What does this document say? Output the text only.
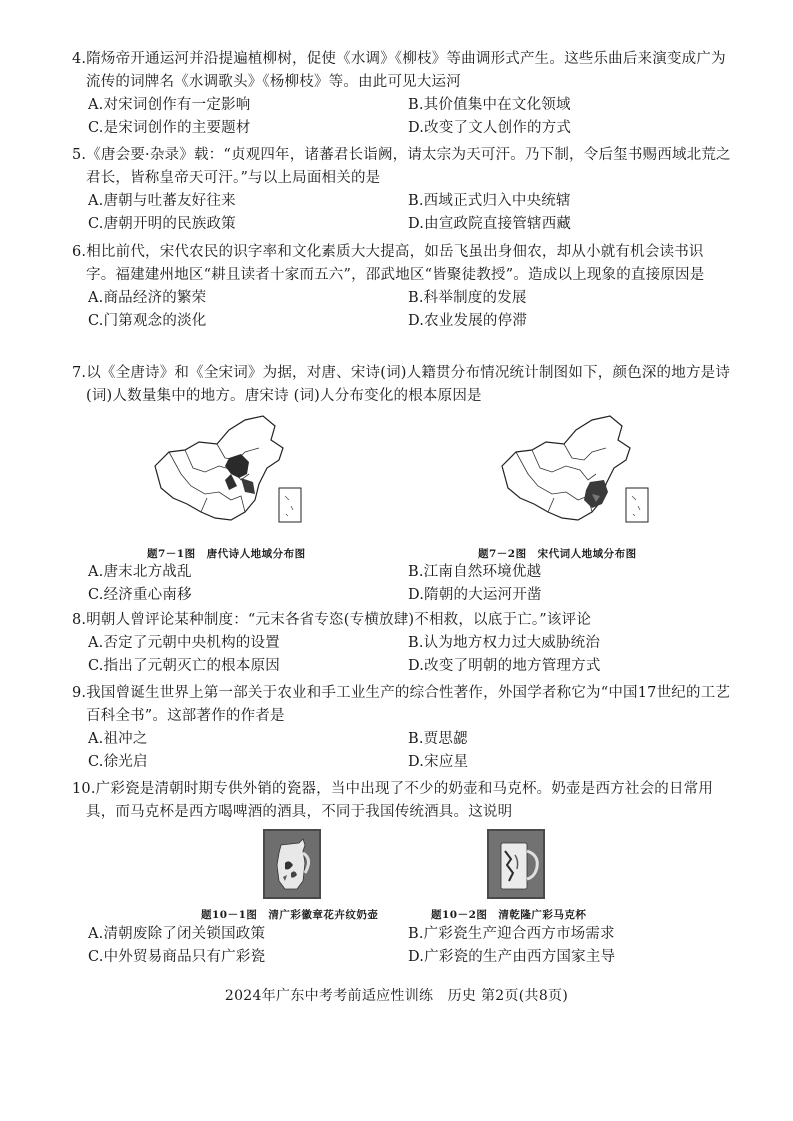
4.隋炀帝开通运河并沿提遍植柳树，促使《水调》《柳枝》等曲调形式产生。这些乐曲后来演变成广为流传的词牌名《水调歌头》《杨柳枝》等。由此可见大运河
A.对宋词创作有一定影响	B.其价值集中在文化领域
C.是宋词创作的主要题材	D.改变了文人创作的方式
5.《唐会要·杂录》载：“贞观四年，诸蕃君长诣阙，请太宗为天可汗。乃下制，令后玺书赐西域北荒之君长，皆称皇帝天可汗。”与以上局面相关的是
A.唐朝与吐蕃友好往来	B.西域正式归入中央统辖
C.唐朝开明的民族政策	D.由宣政院直接管辖西藏
6.相比前代，宋代农民的识字率和文化素质大大提高，如岳飞虽出身佃农，却从小就有机会读书识字。福建建州地区“耕且读者十家而五六”，邵武地区“皆聚徒教授”。造成以上现象的直接原因是
A.商品经济的繁荣	B.科举制度的发展
C.门第观念的淡化	D.农业发展的停滞
7.以《全唐诗》和《全宋词》为据，对唐、宋诗(词)人籍贯分布情况统计制图如下，颜色深的地方是诗(词)人数量集中的地方。唐宋诗 (词)人分布变化的根本原因是
题7－1图　唐代诗人地域分布图	题7－2图　宋代词人地域分布图
A.唐末北方战乱	B.江南自然环境优越
C.经济重心南移	D.隋朝的大运河开凿
8.明朝人曾评论某种制度：“元末各省专恣(专横放肆)不相救，以底于亡。”该评论
A.否定了元朝中央机构的设置	B.认为地方权力过大威胁统治
C.指出了元朝灭亡的根本原因	D.改变了明朝的地方管理方式
9.我国曾诞生世界上第一部关于农业和手工业生产的综合性著作，外国学者称它为“中国17世纪的工艺百科全书”。这部著作的作者是
A.祖冲之	B.贾思勰
C.徐光启	D.宋应星
10.广彩瓷是清朝时期专供外销的瓷器，当中出现了不少的奶壶和马克杯。奶壶是西方社会的日常用具，而马克杯是西方喝啤酒的酒具，不同于我国传统酒具。这说明
题10－1图　清广彩徽章花卉纹奶壶	题10－2图　清乾隆广彩马克杯
A.清朝废除了闭关锁国政策	B.广彩瓷生产迎合西方市场需求
C.中外贸易商品只有广彩瓷	D.广彩瓷的生产由西方国家主导
2024年广东中考考前适应性训练　历史 第2页(共8页)
